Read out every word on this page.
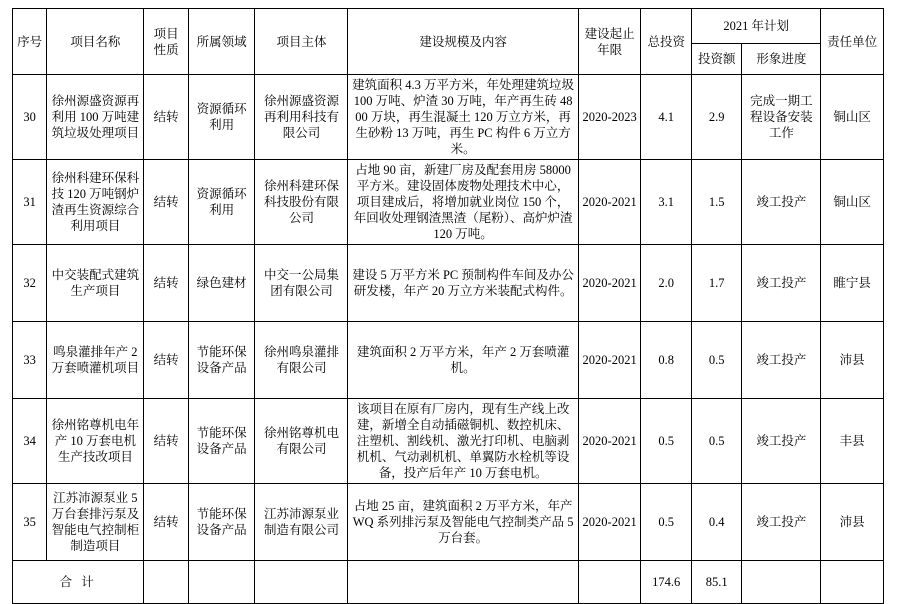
序号	项目名称	项目性质	所属领域	项目主体	建设规模及内容	建设起止年限	总投资	2021 年计划		责任单位
								投资额	形象进度	
30	徐州源盛资源再利用 100 万吨建筑垃圾处理项目	结转	资源循环利用	徐州源盛资源再利用科技有限公司	建筑面积 4.3 万平方米，年处理建筑垃圾 100 万吨、炉渣 30 万吨，年产再生砖 4800 万块，再生混凝土 120 万立方米，再生砂粉 13 万吨，再生 PC 构件 6 万立方米。	2020-2023	4.1	2.9	完成一期工程设备安装工作	铜山区
31	徐州科建环保科技 120 万吨钢炉渣再生资源综合利用项目	结转	资源循环利用	徐州科建环保科技股份有限公司	占地 90 亩，新建厂房及配套用房 58000 平方米。建设固体废物处理技术中心，项目建成后，将增加就业岗位 150 个，年回收处理钢渣黑渣（尾粉）、高炉炉渣 120 万吨。	2020-2021	3.1	1.5	竣工投产	铜山区
32	中交装配式建筑生产项目	结转	绿色建材	中交一公局集团有限公司	建设 5 万平方米 PC 预制构件车间及办公研发楼，年产 20 万立方米装配式构件。	2020-2021	2.0	1.7	竣工投产	睢宁县
33	鸣泉灌排年产 2 万套喷灌机项目	结转	节能环保设备产品	徐州鸣泉灌排有限公司	建筑面积 2 万平方米，年产 2 万套喷灌机。	2020-2021	0.8	0.5	竣工投产	沛县
34	徐州铭尊机电年产 10 万套电机生产技改项目	结转	节能环保设备产品	徐州铭尊机电有限公司	该项目在原有厂房内，现有生产线上改建，新增全自动插磁铜机、数控机床、注塑机、割线机、激光打印机、电脑剥机机、气动剥机机、单翼防水栓机等设备，投产后年产 10 万套电机。	2020-2021	0.5	0.5	竣工投产	丰县
35	江苏沛源泵业 5 万台套排污泵及智能电气控制柜制造项目	结转	节能环保设备产品	江苏沛源泵业制造有限公司	占地 25 亩，建筑面积 2 万平方米，年产 WQ 系列排污泵及智能电气控制类产品 5 万台套。	2020-2021	0.5	0.4	竣工投产	沛县
合 计							174.6	85.1		
